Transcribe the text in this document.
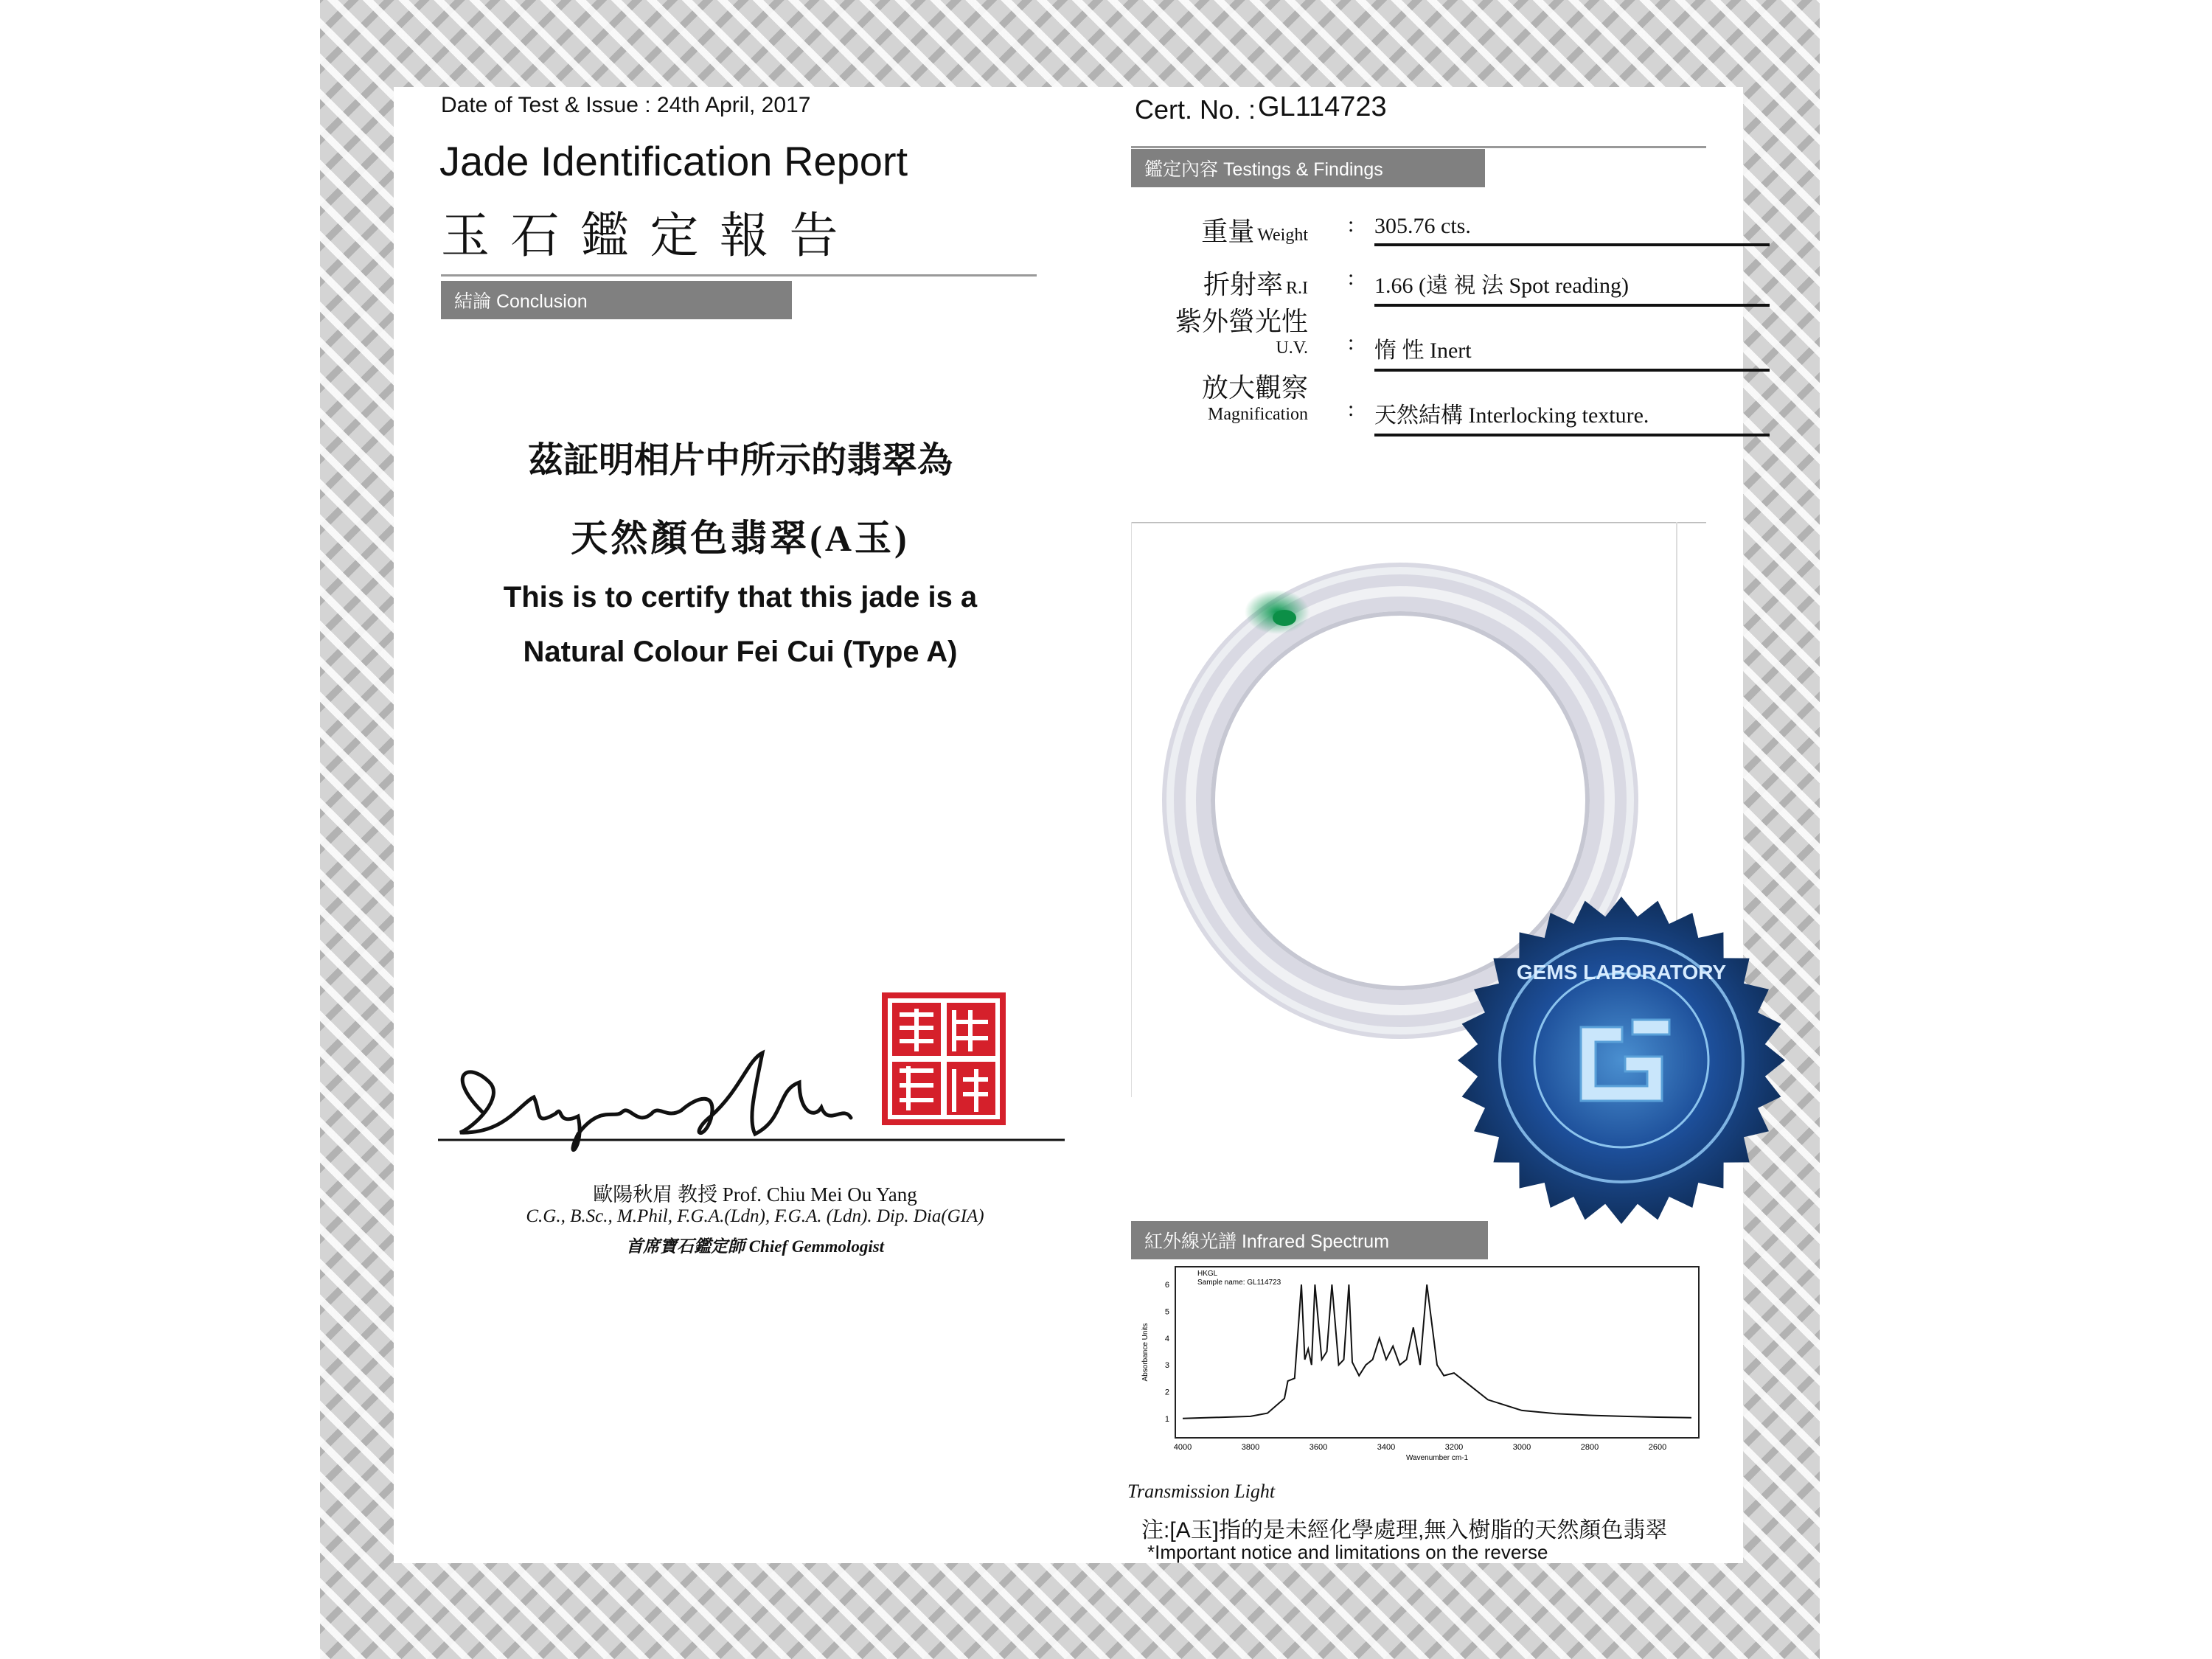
Date of Test & Issue : 24th April, 2017
Jade Identification Report
玉 石 鑑 定 報 告
結論 Conclusion
茲証明相片中所示的翡翠為
天然顏色翡翠(A玉)
This is to certify that this jade is a
Natural Colour Fei Cui (Type A)
歐陽秋眉 教授 Prof. Chiu Mei Ou Yang
C.G., B.Sc., M.Phil, F.G.A.(Ldn), F.G.A. (Ldn). Dip. Dia(GIA)
首席寶石鑑定師 Chief Gemmologist
Cert. No. : GL114723
鑑定內容 Testings & Findings
重量 Weight : 305.76 cts.
折射率 R.I : 1.66 (遠 視 法 Spot reading)
紫外螢光性
U.V. : 惰 性 Inert
放大觀察
Magnification : 天然結構 Interlocking texture.
GEMS LABORATORY
紅外線光譜 Infrared Spectrum
HKGL
Sample name: GL114723
Wavenumber cm-1
Absorbance Units
4000	3800	3600	3400	3200	3000	2800	2600
6
5
4
3
2
1
Transmission Light
注:[A玉]指的是未經化學處理,無入樹脂的天然顏色翡翠
*Important notice and limitations on the reverse
